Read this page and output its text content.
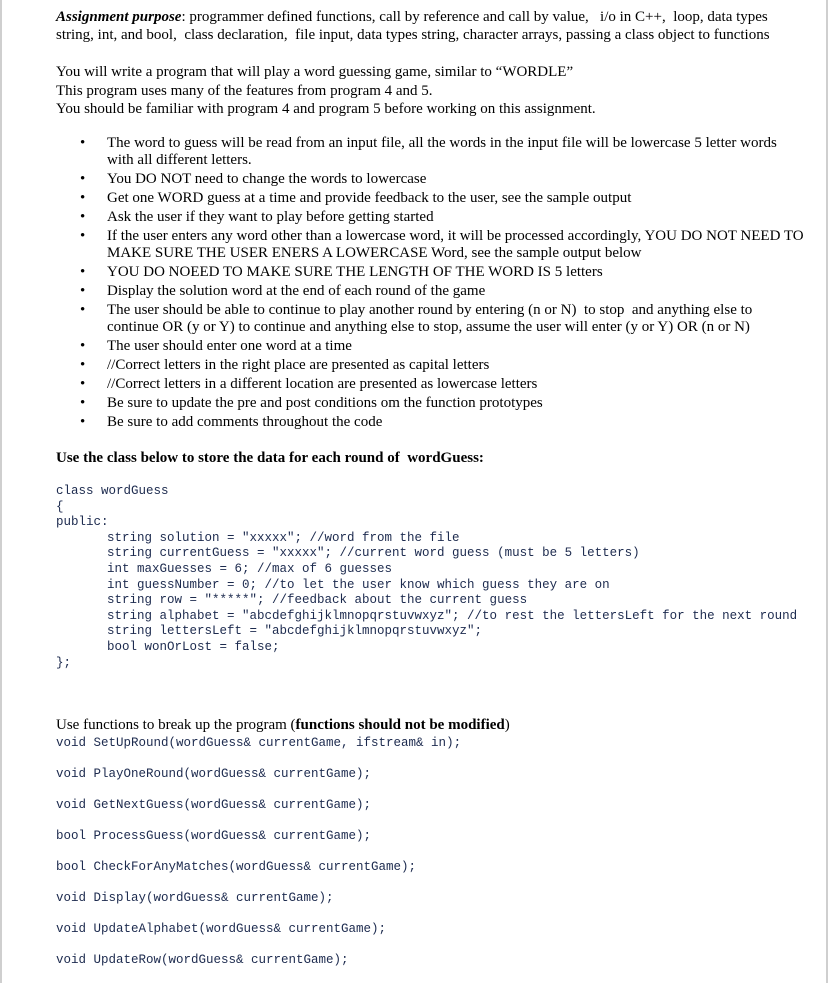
Assignment purpose: programmer defined functions, call by reference and call by value,   i/o in C++,  loop, data types string, int, and bool,  class declaration,  file input, data types string, character arrays, passing a class object to functions
You will write a program that will play a word guessing game, similar to “WORDLE”
This program uses many of the features from program 4 and 5.
You should be familiar with program 4 and program 5 before working on this assignment.
• The word to guess will be read from an input file, all the words in the input file will be lowercase 5 letter words with all different letters.
• You DO NOT need to change the words to lowercase
• Get one WORD guess at a time and provide feedback to the user, see the sample output
• Ask the user if they want to play before getting started
• If the user enters any word other than a lowercase word, it will be processed accordingly, YOU DO NOT NEED TO MAKE SURE THE USER ENERS A LOWERCASE Word, see the sample output below
• YOU DO NOEED TO MAKE SURE THE LENGTH OF THE WORD IS 5 letters
• Display the solution word at the end of each round of the game
• The user should be able to continue to play another round by entering (n or N)  to stop  and anything else to continue OR (y or Y) to continue and anything else to stop, assume the user will enter (y or Y) OR (n or N)
• The user should enter one word at a time
• //Correct letters in the right place are presented as capital letters
• //Correct letters in a different location are presented as lowercase letters
• Be sure to update the pre and post conditions om the function prototypes
• Be sure to add comments throughout the code
Use the class below to store the data for each round of  wordGuess:
class wordGuess
{
public:
string solution = "xxxxx"; //word from the file
string currentGuess = "xxxxx"; //current word guess (must be 5 letters)
int maxGuesses = 6; //max of 6 guesses
int guessNumber = 0; //to let the user know which guess they are on
string row = "*****"; //feedback about the current guess
string alphabet = "abcdefghijklmnopqrstuvwxyz"; //to rest the lettersLeft for the next round
string lettersLeft = "abcdefghijklmnopqrstuvwxyz";
bool wonOrLost = false;
};
Use functions to break up the program (functions should not be modified)
void SetUpRound(wordGuess& currentGame, ifstream& in);
void PlayOneRound(wordGuess& currentGame);
void GetNextGuess(wordGuess& currentGame);
bool ProcessGuess(wordGuess& currentGame);
bool CheckForAnyMatches(wordGuess& currentGame);
void Display(wordGuess& currentGame);
void UpdateAlphabet(wordGuess& currentGame);
void UpdateRow(wordGuess& currentGame);
